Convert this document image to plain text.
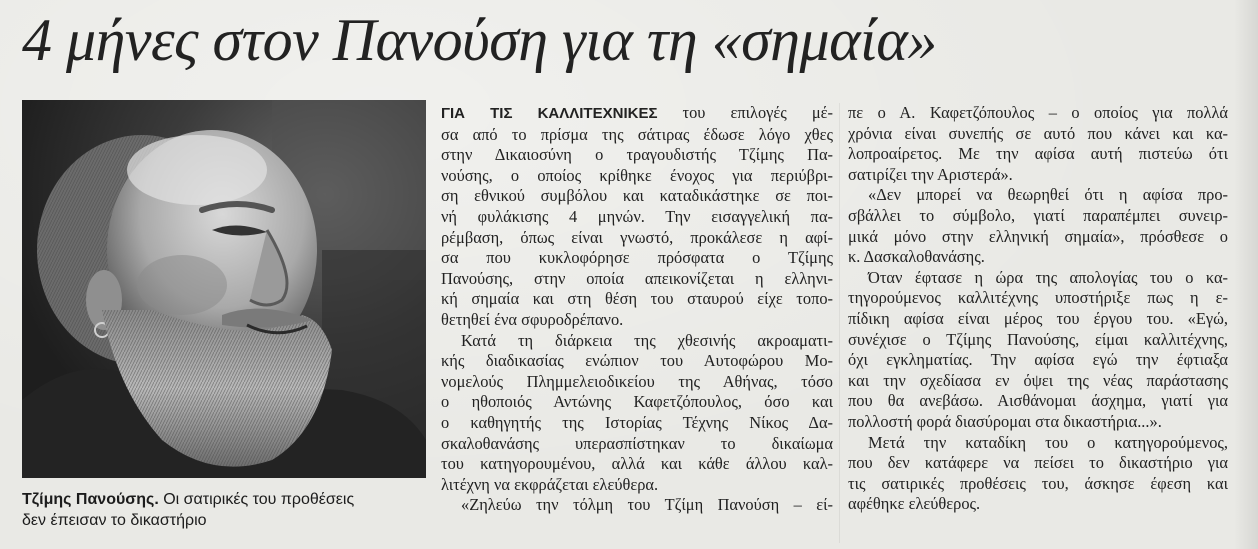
4 μήνες στον Πανούση για τη «σημαία»
Τζίμης Πανούσης. Οι σατιρικές του προθέσεις
δεν έπεισαν το δικαστήριο
ΓΙΑ ΤΙΣ ΚΑΛΛΙΤΕΧΝΙΚΕΣ του επιλογές μέ-
σα από το πρίσμα της σάτιρας έδωσε λόγο χθες
στην Δικαιοσύνη ο τραγουδιστής Τζίμης Πα-
νούσης, ο οποίος κρίθηκε ένοχος για περιύβρι-
ση εθνικού συμβόλου και καταδικάστηκε σε ποι-
νή φυλάκισης 4 μηνών. Την εισαγγελική πα-
ρέμβαση, όπως είναι γνωστό, προκάλεσε η αφί-
σα που κυκλοφόρησε πρόσφατα ο Τζίμης
Πανούσης, στην οποία απεικονίζεται η ελληνι-
κή σημαία και στη θέση του σταυρού είχε τοπο-
θετηθεί ένα σφυροδρέπανο.
Κατά τη διάρκεια της χθεσινής ακροαματι-
κής διαδικασίας ενώπιον του Αυτοφώρου Μο-
νομελούς Πλημμελειοδικείου της Αθήνας, τόσο
ο ηθοποιός Αντώνης Καφετζόπουλος, όσο και
ο καθηγητής της Ιστορίας Τέχνης Νίκος Δα-
σκαλοθανάσης υπερασπίστηκαν το δικαίωμα
του κατηγορουμένου, αλλά και κάθε άλλου καλ-
λιτέχνη να εκφράζεται ελεύθερα.
«Ζηλεύω την τόλμη του Τζίμη Πανούση – εί-
πε ο Α. Καφετζόπουλος – ο οποίος για πολλά
χρόνια είναι συνεπής σε αυτό που κάνει και κα-
λοπροαίρετος. Με την αφίσα αυτή πιστεύω ότι
σατιρίζει την Αριστερά».
«Δεν μπορεί να θεωρηθεί ότι η αφίσα προ-
σβάλλει το σύμβολο, γιατί παραπέμπει συνειρ-
μικά μόνο στην ελληνική σημαία», πρόσθεσε ο
κ. Δασκαλοθανάσης.
Όταν έφτασε η ώρα της απολογίας του ο κα-
τηγορούμενος καλλιτέχνης υποστήριξε πως η ε-
πίδικη αφίσα είναι μέρος του έργου του. «Εγώ,
συνέχισε ο Τζίμης Πανούσης, είμαι καλλιτέχνης,
όχι εγκληματίας. Την αφίσα εγώ την έφτιαξα
και την σχεδίασα εν όψει της νέας παράστασης
που θα ανεβάσω. Αισθάνομαι άσχημα, γιατί για
πολλοστή φορά διασύρομαι στα δικαστήρια...».
Μετά την καταδίκη του ο κατηγορούμενος,
που δεν κατάφερε να πείσει το δικαστήριο για
τις σατιρικές προθέσεις του, άσκησε έφεση και
αφέθηκε ελεύθερος.
